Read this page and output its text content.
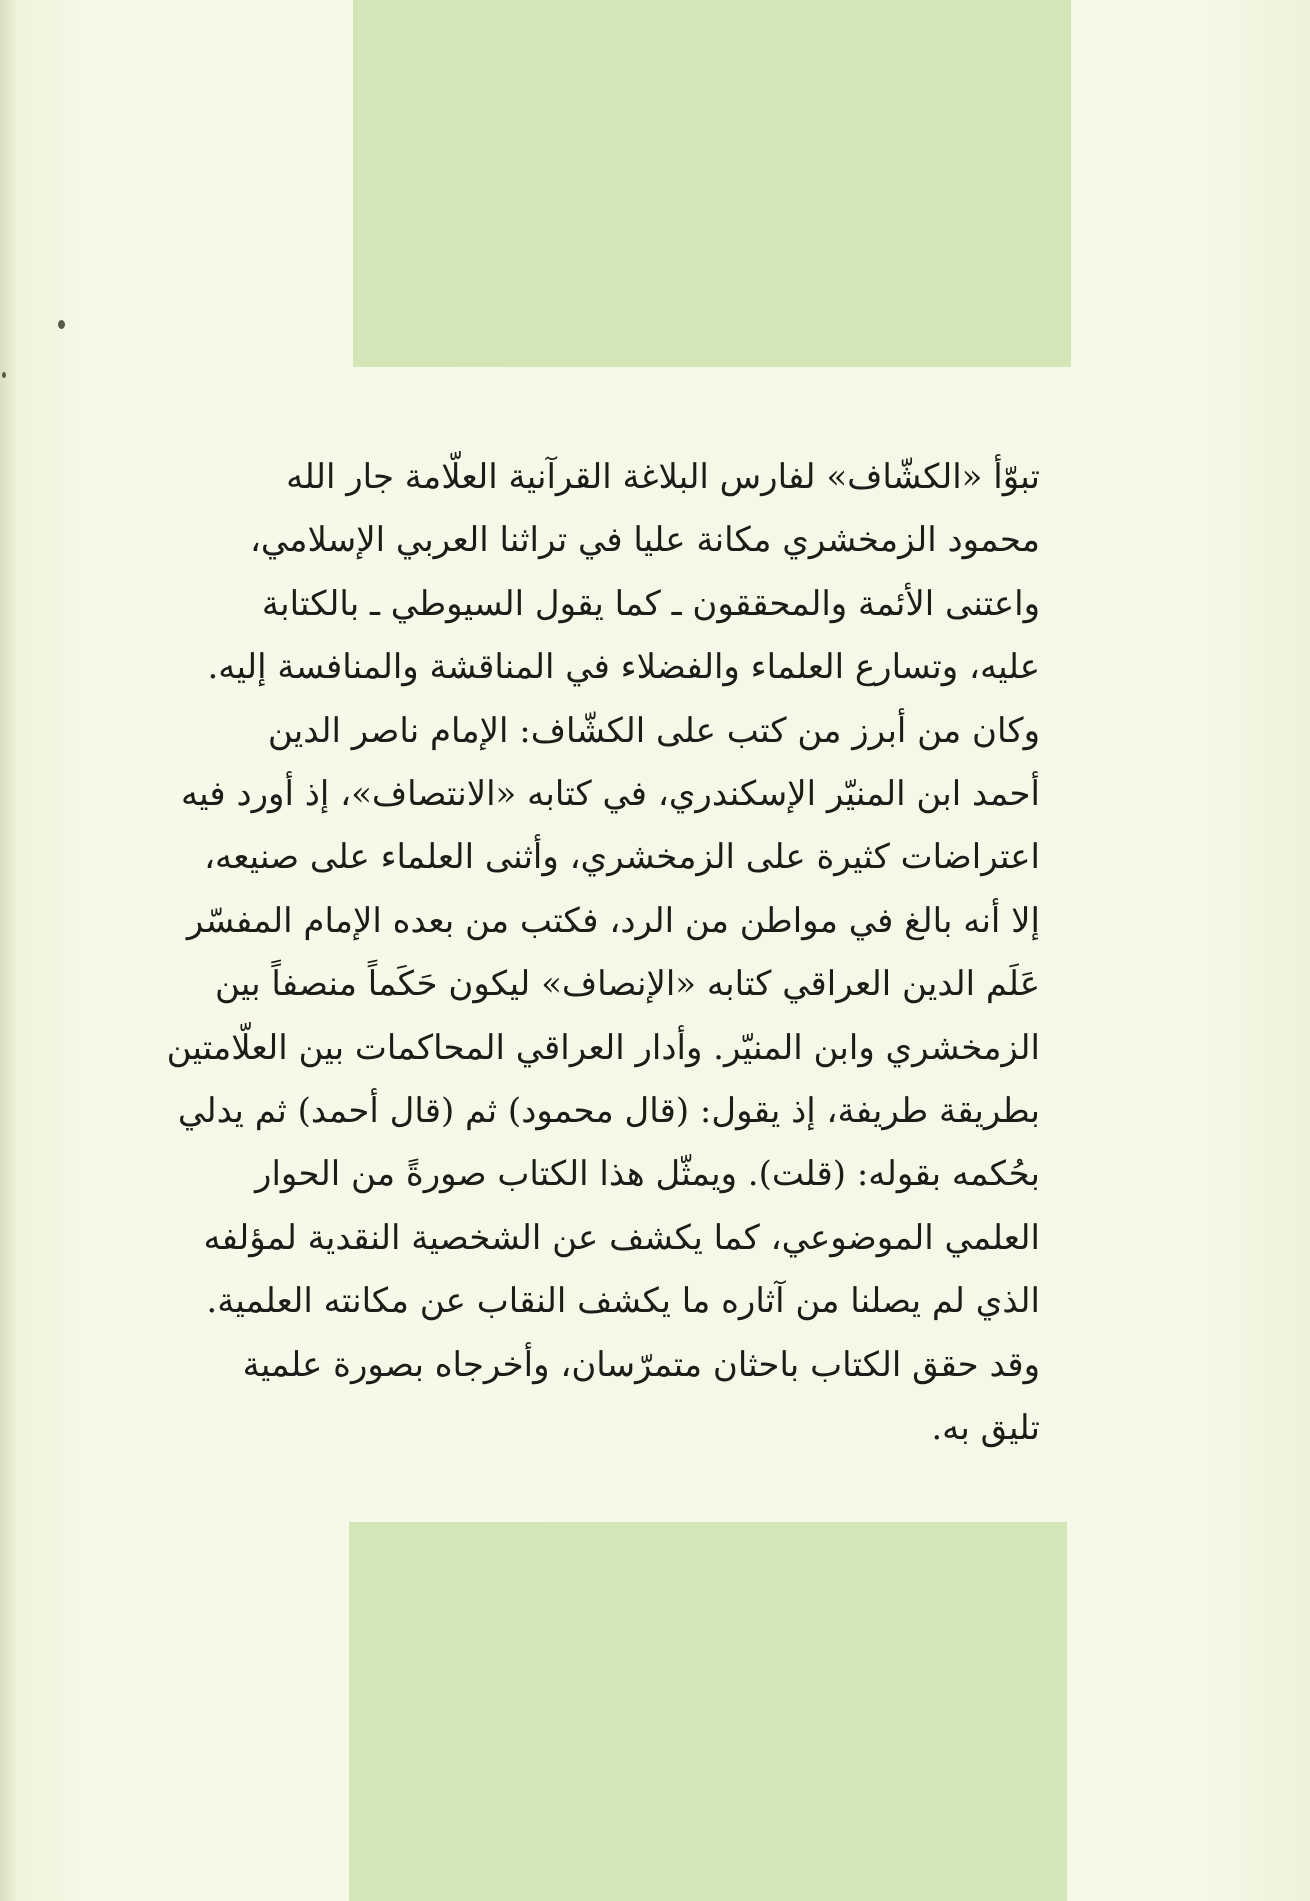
تبوّأ «الكشّاف» لفارس البلاغة القرآنية العلّامة جار الله
محمود الزمخشري مكانة عليا في تراثنا العربي الإسلامي،
واعتنى الأئمة والمحققون ـ كما يقول السيوطي ـ بالكتابة
عليه، وتسارع العلماء والفضلاء في المناقشة والمنافسة إليه.
وكان من أبرز من كتب على الكشّاف: الإمام ناصر الدين
أحمد ابن المنيّر الإسكندري، في كتابه «الانتصاف»، إذ أورد فيه
اعتراضات كثيرة على الزمخشري، وأثنى العلماء على صنيعه،
إلا أنه بالغ في مواطن من الرد، فكتب من بعده الإمام المفسّر
عَلَم الدين العراقي كتابه «الإنصاف» ليكون حَكَماً منصفاً بين
الزمخشري وابن المنيّر. وأدار العراقي المحاكمات بين العلّامتين
بطريقة طريفة، إذ يقول: (قال محمود) ثم (قال أحمد) ثم يدلي
بحُكمه بقوله: (قلت). ويمثّل هذا الكتاب صورةً من الحوار
العلمي الموضوعي، كما يكشف عن الشخصية النقدية لمؤلفه
الذي لم يصلنا من آثاره ما يكشف النقاب عن مكانته العلمية.
وقد حقق الكتاب باحثان متمرّسان، وأخرجاه بصورة علمية
تليق به.
